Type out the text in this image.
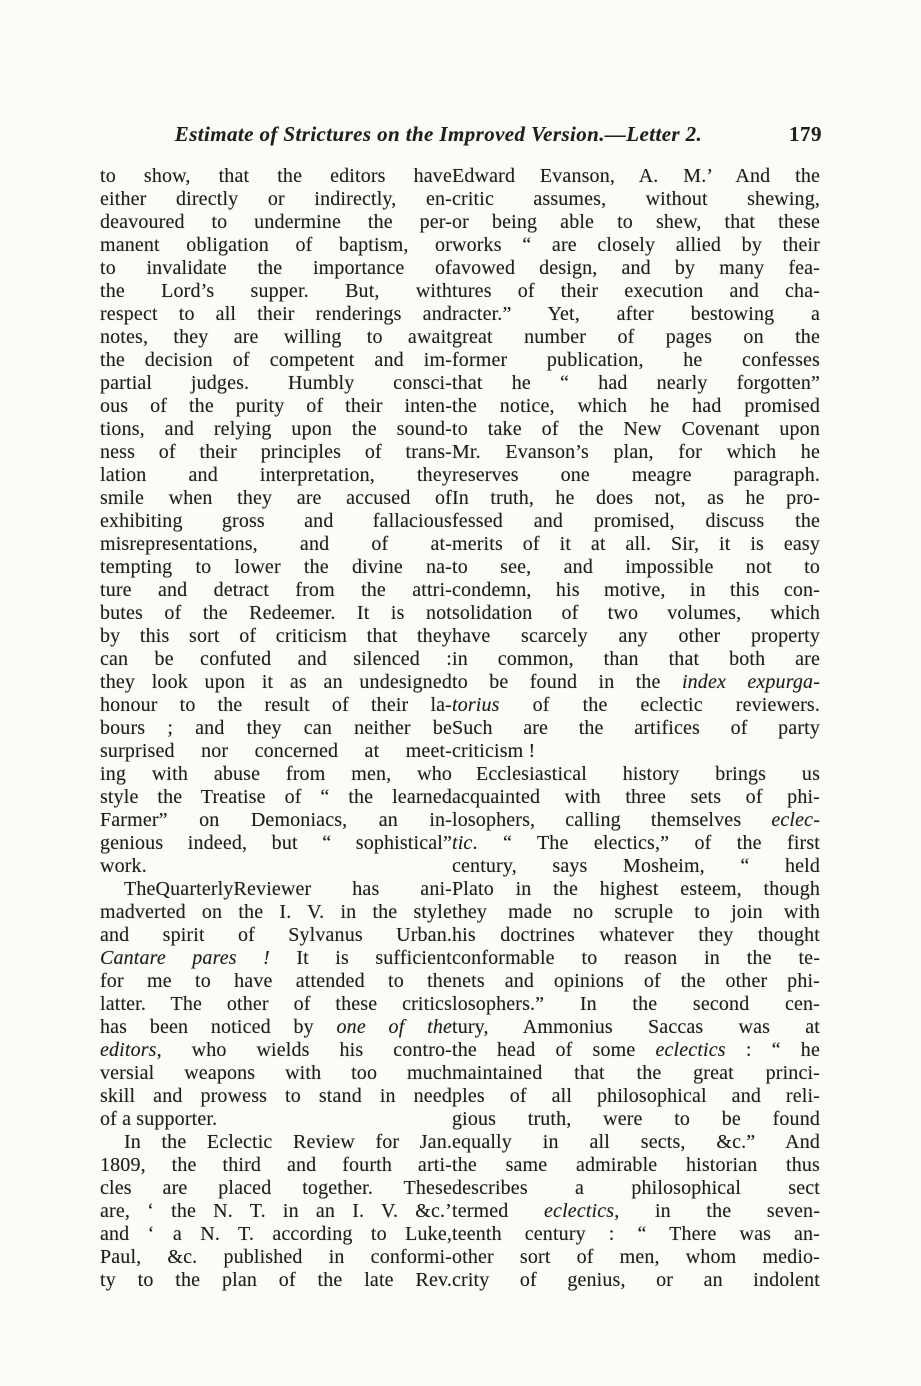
Estimate of Strictures on the Improved Version.—Letter 2.	179
to show, that the editors have
either directly or indirectly, en-
deavoured to undermine the per-
manent obligation of baptism, or
to invalidate the importance of
the Lord’s supper. But, with
respect to all their renderings and
notes, they are willing to await
the decision of competent and im-
partial judges. Humbly consci-
ous of the purity of their inten-
tions, and relying upon the sound-
ness of their principles of trans-
lation and interpretation, they
smile when they are accused of
exhibiting gross and fallacious
misrepresentations, and of at-
tempting to lower the divine na-
ture and detract from the attri-
butes of the Redeemer. It is not
by this sort of criticism that they
can be confuted and silenced :
they look upon it as an undesigned
honour to the result of their la-
bours ; and they can neither be
surprised nor concerned at meet-
ing with abuse from men, who
style the Treatise of “ the learned
Farmer” on Demoniacs, an in-
genious indeed, but “ sophistical”
work.
TheQuarterlyReviewer has ani-
madverted on the I. V. in the style
and spirit of Sylvanus Urban.
Cantare pares ! It is sufficient
for me to have attended to the
latter. The other of these critics
has been noticed by one of the
editors, who wields his contro-
versial weapons with too much
skill and prowess to stand in need
of a supporter.
In the Eclectic Review for Jan.
1809, the third and fourth arti-
cles are placed together. These
are, ‘ the N. T. in an I. V. &c.’
and ‘ a N. T. according to Luke,
Paul, &c. published in conformi-
ty to the plan of the late Rev.
Edward Evanson, A. M.’ And the
critic assumes, without shewing,
or being able to shew, that these
works “ are closely allied by their
avowed design, and by many fea-
tures of their execution and cha-
racter.” Yet, after bestowing a
great number of pages on the
former publication, he confesses
that he “ had nearly forgotten”
the notice, which he had promised
to take of the New Covenant upon
Mr. Evanson’s plan, for which he
reserves one meagre paragraph.
In truth, he does not, as he pro-
fessed and promised, discuss the
merits of it at all. Sir, it is easy
to see, and impossible not to
condemn, his motive, in this con-
solidation of two volumes, which
have scarcely any other property
in common, than that both are
to be found in the index expurga-
torius of the eclectic reviewers.
Such are the artifices of party
criticism !
Ecclesiastical history brings us
acquainted with three sets of phi-
losophers, calling themselves eclec-
tic. “ The electics,” of the first
century, says Mosheim, “ held
Plato in the highest esteem, though
they made no scruple to join with
his doctrines whatever they thought
conformable to reason in the te-
nets and opinions of the other phi-
losophers.” In the second cen-
tury, Ammonius Saccas was at
the head of some eclectics : “ he
maintained that the great princi-
ples of all philosophical and reli-
gious truth, were to be found
equally in all sects, &c.” And
the same admirable historian thus
describes a philosophical sect
termed eclectics, in the seven-
teenth century : “ There was an-
other sort of men, whom medio-
crity of genius, or an indolent
